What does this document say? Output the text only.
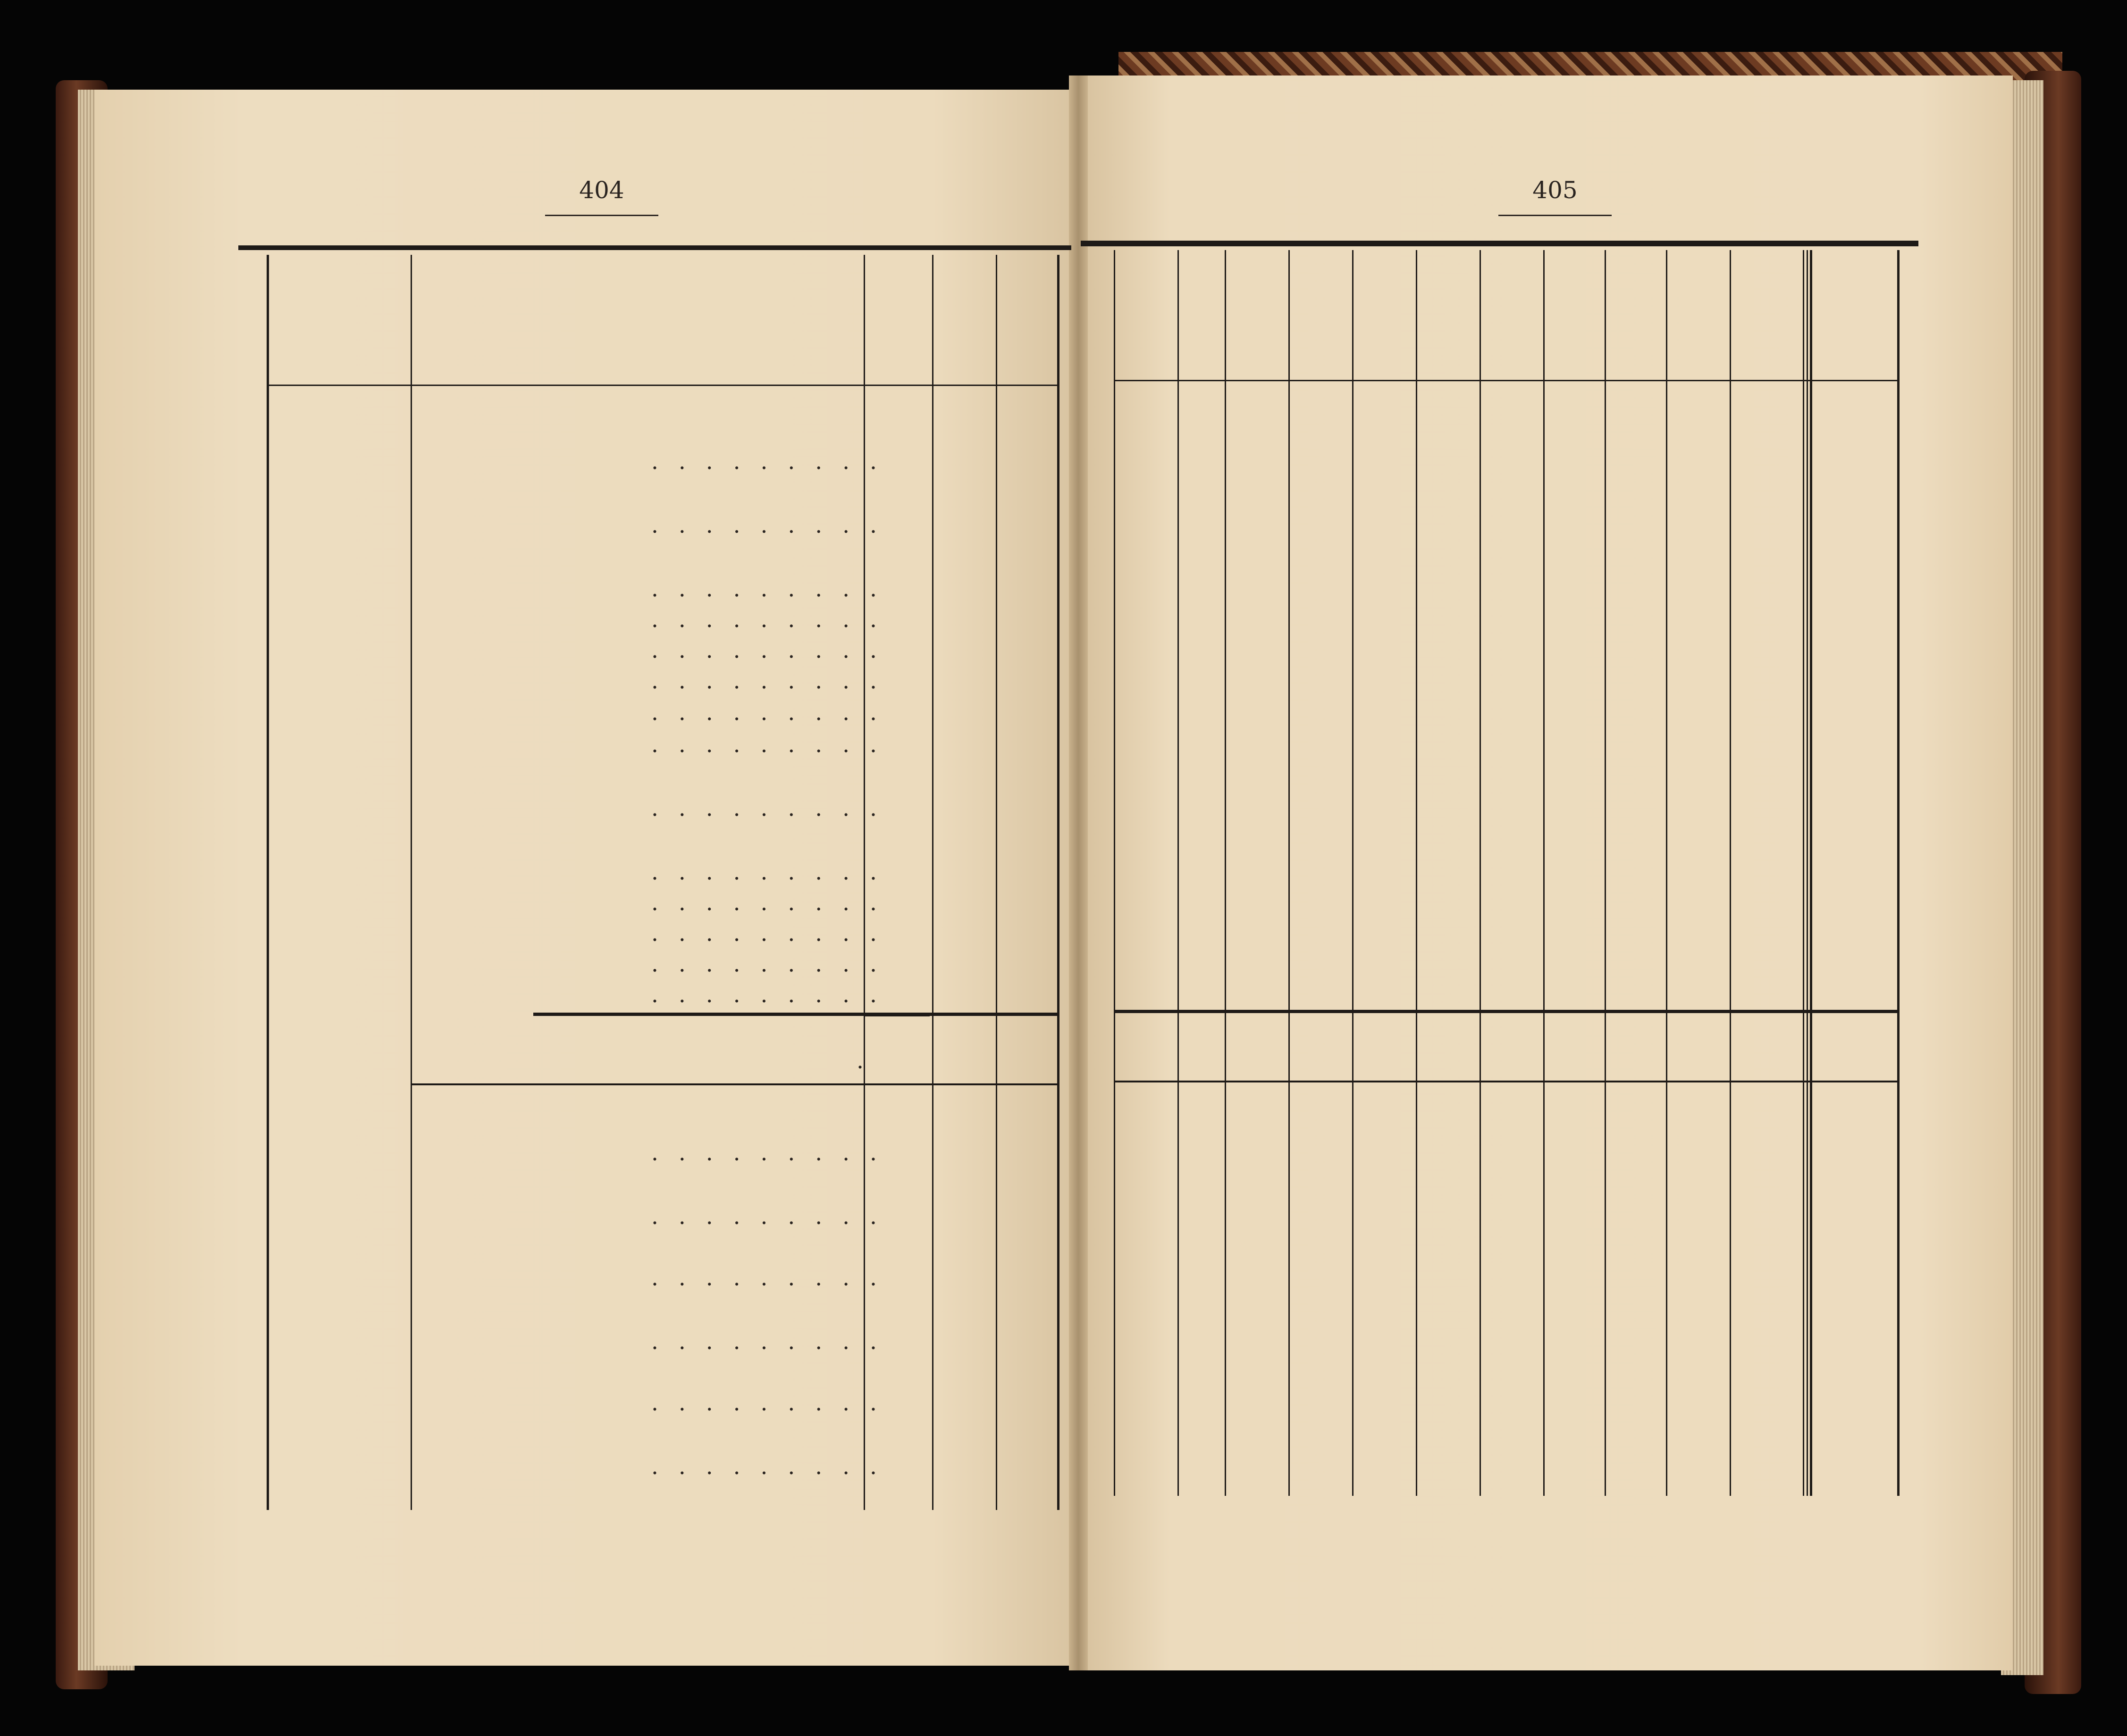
404	405
. . . . . . . . .
. . . . . . . . .
. . . . . . . . .
. . . . . . . . .
. . . . . . . . .
. . . . . . . . .
. . . . . . . . .
. . . . . . . . .
. . . . . . . . .
. . . . . . . . .
. . . . . . . . .
. . . . . . . . .
. . . . . . . . .
. . . . . . . . .
.
. . . . . . . . .
. . . . . . . . .
. . . . . . . . .
. . . . . . . . .
. . . . . . . . .
. . . . . . . . .
